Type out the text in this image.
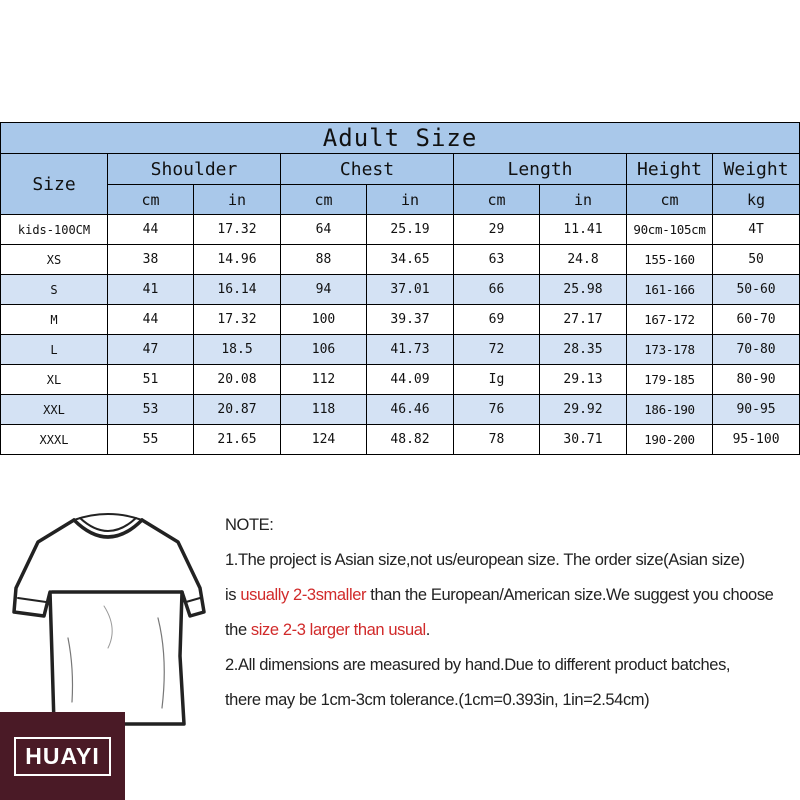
Adult Size								
Size	Shoulder		Chest		Length		Height	Weight
	cm	in	cm	in	cm	in	cm	kg
kids-100CM	44	17.32	64	25.19	29	11.41	90cm-105cm	4T
XS	38	14.96	88	34.65	63	24.8	155-160	50
S	41	16.14	94	37.01	66	25.98	161-166	50-60
M	44	17.32	100	39.37	69	27.17	167-172	60-70
L	47	18.5	106	41.73	72	28.35	173-178	70-80
XL	51	20.08	112	44.09	Ig	29.13	179-185	80-90
XXL	53	20.87	118	46.46	76	29.92	186-190	90-95
XXXL	55	21.65	124	48.82	78	30.71	190-200	95-100
NOTE:
1.The project is Asian size,not us/european size. The order size(Asian size)
is usually 2-3smaller than the European/American size.We suggest you choose
the size 2-3 larger than usual.
2.All dimensions are measured by hand.Due to different product batches,
there may be 1cm-3cm tolerance.(1cm=0.393in, 1in=2.54cm)
HUAYI
